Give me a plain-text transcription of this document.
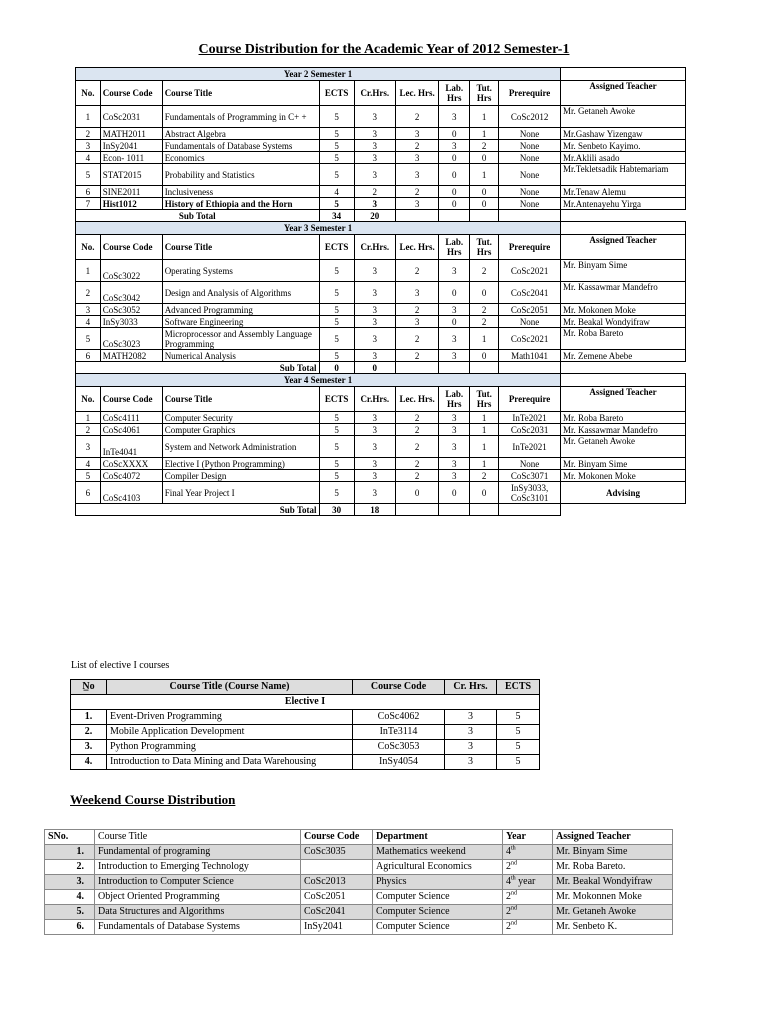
Course Distribution for the Academic Year of 2012 Semester-1
Year 2 Semester 1									
No.	Course Code	Course Title	ECTS	Cr.Hrs.	Lec. Hrs.	Lab. Hrs	Tut. Hrs	Prerequire	Assigned Teacher
1	CoSc2031	Fundamentals of Programming in C+ +	5	3	2	3	1	CoSc2012	Mr. Getaneh Awoke
2	MATH2011	Abstract Algebra	5	3	3	0	1	None	Mr.Gashaw Yizengaw
3	InSy2041	Fundamentals of Database Systems	5	3	2	3	2	None	Mr. Senbeto Kayimo.
4	Econ- 1011	Economics	5	3	3	0	0	None	Mr.Aklili asado
5	STAT2015	Probability and Statistics	5	3	3	0	1	None	Mr.Tekletsadik Habtemariam
6	SINE2011	Inclusiveness	4	2	2	0	0	None	Mr.Tenaw Alemu
7	Hist1012	History of Ethiopia and the Horn	5	3	3	0	0	None	Mr.Antenayehu Yirga
Sub Total			34	20					
Year 3 Semester 1									
No.	Course Code	Course Title	ECTS	Cr.Hrs.	Lec. Hrs.	Lab. Hrs	Tut. Hrs	Prerequire	Assigned Teacher
1	CoSc3022	Operating Systems	5	3	2	3	2	CoSc2021	Mr. Binyam Sime
2	CoSc3042	Design and Analysis of Algorithms	5	3	3	0	0	CoSc2041	Mr. Kassawmar Mandefro
3	CoSc3052	Advanced Programming	5	3	2	3	2	CoSc2051	Mr. Mokonen Moke
4	InSy3033	Software Engineering	5	3	3	0	2	None	Mr. Beakal Wondyifraw
5	CoSc3023	Microprocessor and Assembly Language Programming	5	3	2	3	1	CoSc2021	Mr. Roba Bareto
6	MATH2082	Numerical Analysis	5	3	2	3	0	Math1041	Mr. Zemene Abebe
Sub Total			0	0					
Year 4 Semester 1									
No.	Course Code	Course Title	ECTS	Cr.Hrs.	Lec. Hrs.	Lab. Hrs	Tut. Hrs	Prerequire	Assigned Teacher
1	CoSc4111	Computer Security	5	3	2	3	1	InTe2021	Mr. Roba Bareto
2	CoSc4061	Computer Graphics	5	3	2	3	1	CoSc2031	Mr. Kassawmar Mandefro
3	InTe4041	System and Network Administration	5	3	2	3	1	InTe2021	Mr. Getaneh Awoke
4	CoScXXXX	Elective I (Python Programming)	5	3	2	3	1	None	Mr. Binyam Sime
5	CoSc4072	Compiler Design	5	3	2	3	2	CoSc3071	Mr. Mokonen Moke
6	CoSc4103	Final Year Project I	5	3	0	0	0	InSy3033, CoSc3101	Advising
Sub Total			30	18					
List of elective I courses
N̲o	Course Title (Course Name)	Course Code	Cr. Hrs.	ECTS
Elective I				
1.	Event-Driven Programming	CoSc4062	3	5
2.	Mobile Application Development	InTe3114	3	5
3.	Python Programming	CoSc3053	3	5
4.	Introduction to Data Mining and Data Warehousing	InSy4054	3	5
Weekend Course Distribution
SNo.	Course Title	Course Code	Department	Year	Assigned Teacher
1.	Fundamental of programing	CoSc3035	Mathematics weekend	4th	Mr. Binyam Sime
2.	Introduction to Emerging Technology		Agricultural Economics	2nd	Mr. Roba Bareto.
3.	Introduction to Computer Science	CoSc2013	Physics	4th year	Mr. Beakal Wondyifraw
4.	Object Oriented Programming	CoSc2051	Computer Science	2nd	Mr. Mokonnen Moke
5.	Data Structures and Algorithms	CoSc2041	Computer Science	2nd	Mr. Getaneh Awoke
6.	Fundamentals of Database Systems	InSy2041	Computer Science	2nd	Mr. Senbeto K.
